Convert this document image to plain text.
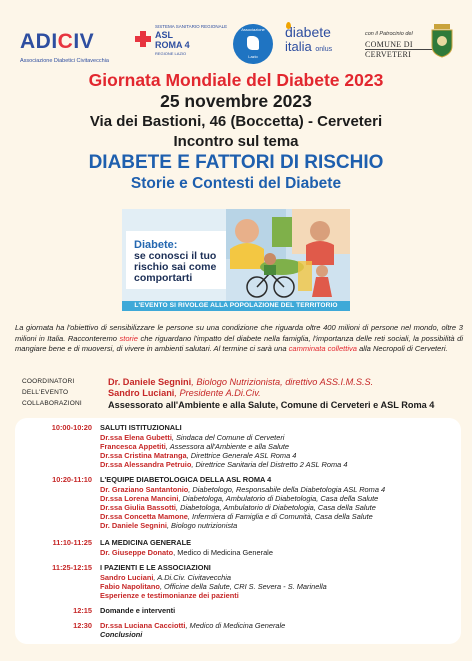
ADICIV
Associazione Diabetici Civitavecchia
SISTEMA SANITARIO REGIONALE
ASL
ROMA 4
REGIONE LAZIO
Associazione
Lazio
diabete
italia onlus
con il Patrocinio del
COMUNE DI
CERVETERI
Giornata Mondiale del Diabete 2023
25 novembre 2023
Via dei Bastioni, 46 (Boccetta) - Cerveteri
Incontro sul tema
DIABETE E FATTORI DI RISCHIO
Storie e Contesti del Diabete
Diabete:
se conosci il tuo rischio sai come comportarti
L'EVENTO SI RIVOLGE ALLA POPOLAZIONE DEL TERRITORIO
La giornata ha l'obiettivo di sensibilizzare le persone su una condizione che riguarda oltre 400 milioni di persone nel mondo, oltre 3 milioni in Italia. Racconteremo storie che riguardano l'impatto del diabete nella famiglia, l'importanza delle reti sociali, la possibilità di mangiare bene e di muoversi, di vivere in ambienti salutari. Al termine ci sarà una camminata collettiva alla Necropoli di Cerveteri.
COORDINATORI	Dr. Daniele Segnini, Biologo Nutrizionista, direttivo ASS.I.M.S.S.
DELL'EVENTO	Sandro Luciani, Presidente A.Di.Civ.
COLLABORAZIONI	Assessorato all'Ambiente e alla Salute, Comune di Cerveteri e ASL Roma 4
10:00-10:20 SALUTI ISTITUZIONALI
Dr.ssa Elena Gubetti, Sindaca del Comune di Cerveteri
Francesca Appetiti, Assessora all'Ambiente e alla Salute
Dr.ssa Cristina Matranga, Direttrice Generale ASL Roma 4
Dr.ssa Alessandra Petruio, Direttrice Sanitaria del Distretto 2 ASL Roma 4
10:20-11:10 L'EQUIPE DIABETOLOGICA DELLA ASL ROMA 4
Dr. Graziano Santantonio, Diabetologo, Responsabile della Diabetologia ASL Roma 4
Dr.ssa Lorena Mancini, Diabetologa, Ambulatorio di Diabetologia, Casa della Salute
Dr.ssa Giulia Bassotti, Diabetologa, Ambulatorio di Diabetologia, Casa della Salute
Dr.ssa Concetta Mamone, Infermiera di Famiglia e di Comunità, Casa della Salute
Dr. Daniele Segnini, Biologo nutrizionista
11:10-11:25 LA MEDICINA GENERALE
Dr. Giuseppe Donato, Medico di Medicina Generale
11:25-12:15 I PAZIENTI E LE ASSOCIAZIONI
Sandro Luciani, A.Di.Civ. Civitavecchia
Fabio Napolitano, Officine della Salute, CRI S. Severa - S. Marinella
Esperienze e testimonianze dei pazienti
12:15 Domande e interventi
12:30 Dr.ssa Luciana Cacciotti, Medico di Medicina Generale
Conclusioni
